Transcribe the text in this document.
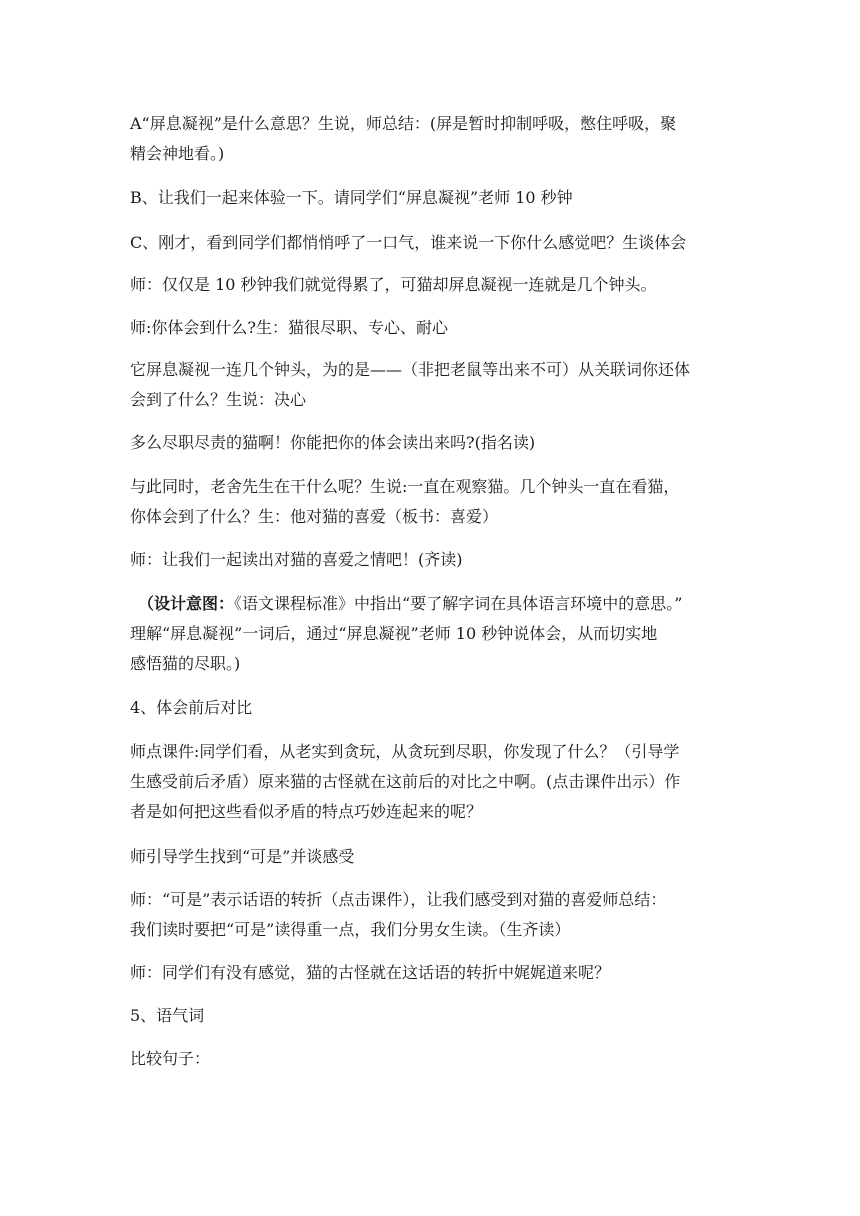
A“屏息凝视”是什么意思？生说，师总结：(屏是暂时抑制呼吸，憋住呼吸，聚
精会神地看。)

B、让我们一起来体验一下。请同学们“屏息凝视”老师 10 秒钟

C、刚才，看到同学们都悄悄呼了一口气，谁来说一下你什么感觉吧？生谈体会

师：仅仅是 10 秒钟我们就觉得累了，可猫却屏息凝视一连就是几个钟头。

师:你体会到什么?生：猫很尽职、专心、耐心

它屏息凝视一连几个钟头，为的是——（非把老鼠等出来不可）从关联词你还体
会到了什么？生说：决心

多么尽职尽责的猫啊！你能把你的体会读出来吗?(指名读)

与此同时，老舍先生在干什么呢？生说:一直在观察猫。几个钟头一直在看猫，
你体会到了什么？生：他对猫的喜爱（板书：喜爱）

师：让我们一起读出对猫的喜爱之情吧！(齐读)

（设计意图：《语文课程标准》中指出“要了解字词在具体语言环境中的意思。”
理解“屏息凝视”一词后，通过“屏息凝视”老师 10 秒钟说体会，从而切实地
感悟猫的尽职。)

4、体会前后对比

师点课件:同学们看，从老实到贪玩，从贪玩到尽职，你发现了什么？（引导学
生感受前后矛盾）原来猫的古怪就在这前后的对比之中啊。(点击课件出示）作
者是如何把这些看似矛盾的特点巧妙连起来的呢？

师引导学生找到“可是”并谈感受

师：“可是”表示话语的转折（点击课件），让我们感受到对猫的喜爱师总结：
我们读时要把“可是”读得重一点，我们分男女生读。（生齐读）

师：同学们有没有感觉，猫的古怪就在这话语的转折中娓娓道来呢？

5、语气词

比较句子：
